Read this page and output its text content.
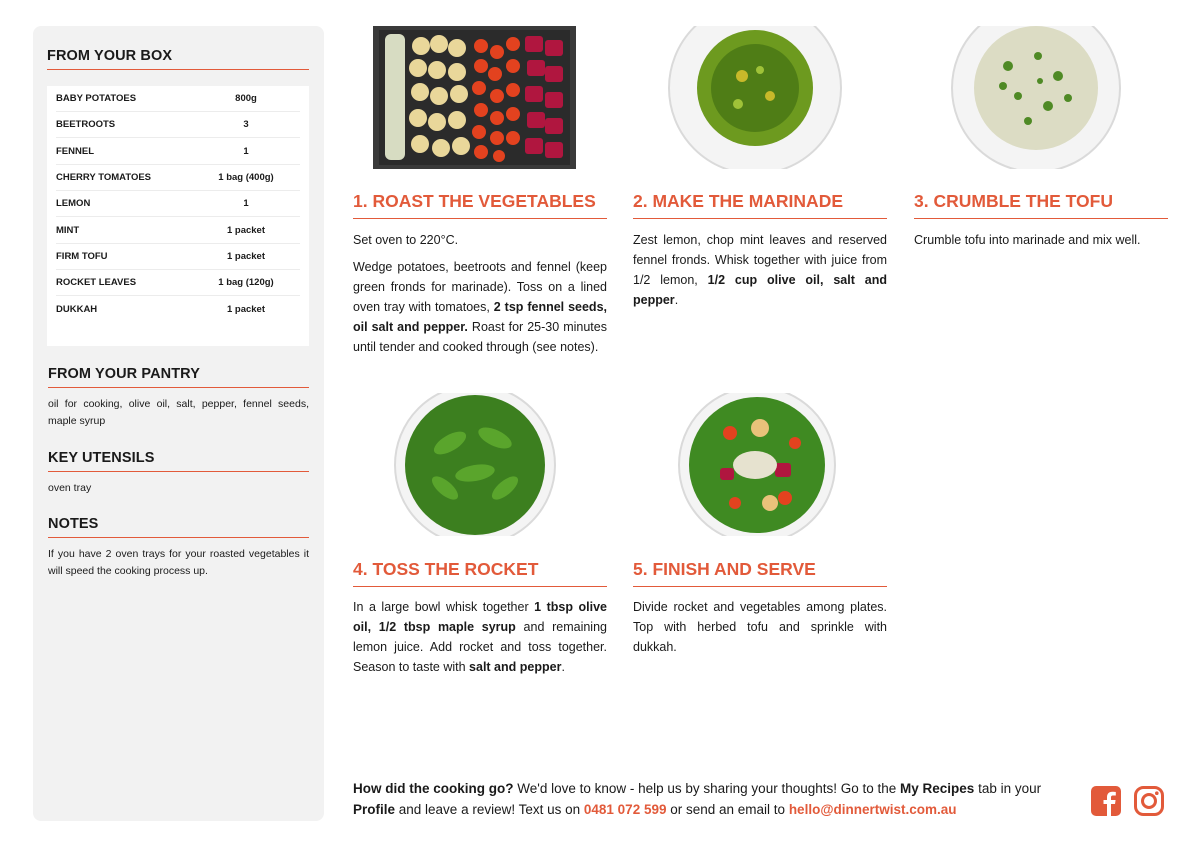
FROM YOUR BOX
BABY POTATOES	800g
BEETROOTS	3
FENNEL	1
CHERRY TOMATOES	1 bag (400g)
LEMON	1
MINT	1 packet
FIRM TOFU	1 packet
ROCKET LEAVES	1 bag (120g)
DUKKAH	1 packet
FROM YOUR PANTRY
oil for cooking, olive oil, salt, pepper, fennel seeds, maple syrup
KEY UTENSILS
oven tray
NOTES
If you have 2 oven trays for your roasted vegetables it will speed the cooking process up.
1. ROAST THE VEGETABLES

Set oven to 220°C.

Wedge potatoes, beetroots and fennel (keep green fronds for marinade). Toss on a lined oven tray with tomatoes, 2 tsp fennel seeds, oil salt and pepper. Roast for 25-30 minutes until tender and cooked through (see notes).

2. MAKE THE MARINADE

Zest lemon, chop mint leaves and reserved fennel fronds. Whisk together with juice from 1/2 lemon, 1/2 cup olive oil, salt and pepper.

3. CRUMBLE THE TOFU

Crumble tofu into marinade and mix well.

4. TOSS THE ROCKET

In a large bowl whisk together 1 tbsp olive oil, 1/2 tbsp maple syrup and remaining lemon juice. Add rocket and toss together. Season to taste with salt and pepper.

5. FINISH AND SERVE

Divide rocket and vegetables among plates. Top with herbed tofu and sprinkle with dukkah.

How did the cooking go? We'd love to know - help us by sharing your thoughts! Go to the My Recipes tab in your Profile and leave a review! Text us on 0481 072 599 or send an email to hello@dinnertwist.com.au
